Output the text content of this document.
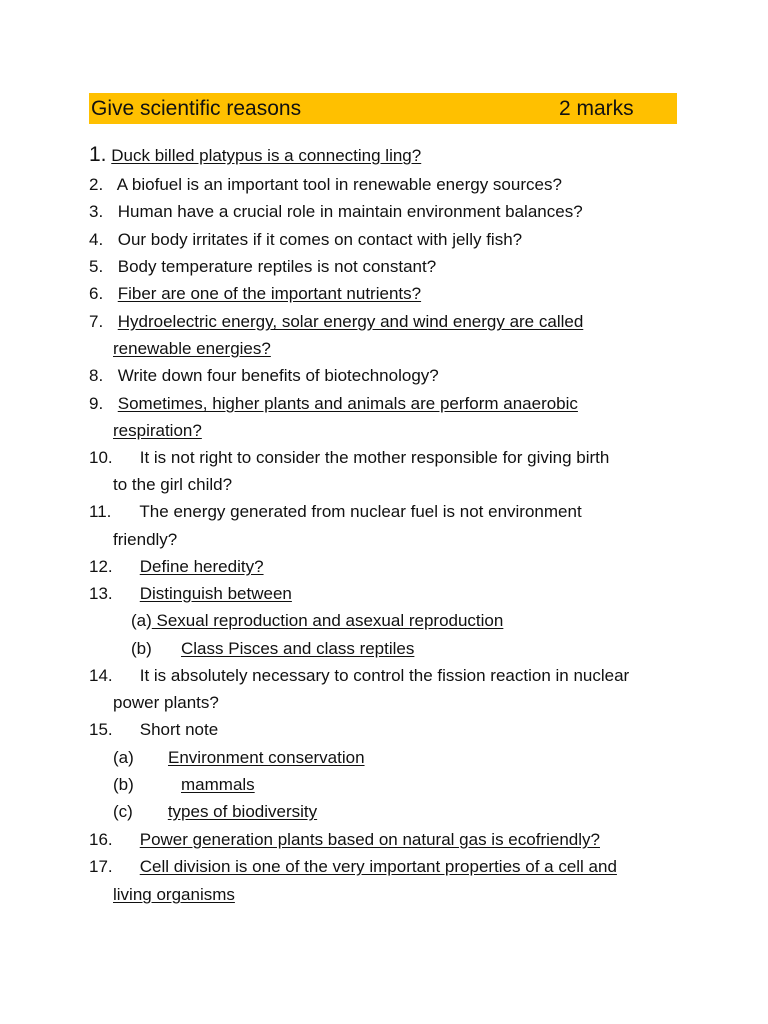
Give scientific reasons	2 marks
1. Duck billed platypus is a connecting ling?
2. A biofuel is an important tool in renewable energy sources?
3. Human have a crucial role in maintain environment balances?
4. Our body irritates if it comes on contact with jelly fish?
5. Body temperature reptiles is not constant?
6. Fiber are one of the important nutrients?
7. Hydroelectric energy, solar energy and wind energy are called
renewable energies?
8. Write down four benefits of biotechnology?
9. Sometimes, higher plants and animals are perform anaerobic
respiration?
10. It is not right to consider the mother responsible for giving birth
to the girl child?
11. The energy generated from nuclear fuel is not environment
friendly?
12. Define heredity?
13. Distinguish between
(a) Sexual reproduction and asexual reproduction
(b) Class Pisces and class reptiles
14. It is absolutely necessary to control the fission reaction in nuclear
power plants?
15. Short note
(a) Environment conservation
(b)	mammals
(c) types of biodiversity
16. Power generation plants based on natural gas is ecofriendly?
17. Cell division is one of the very important properties of a cell and
living organisms
